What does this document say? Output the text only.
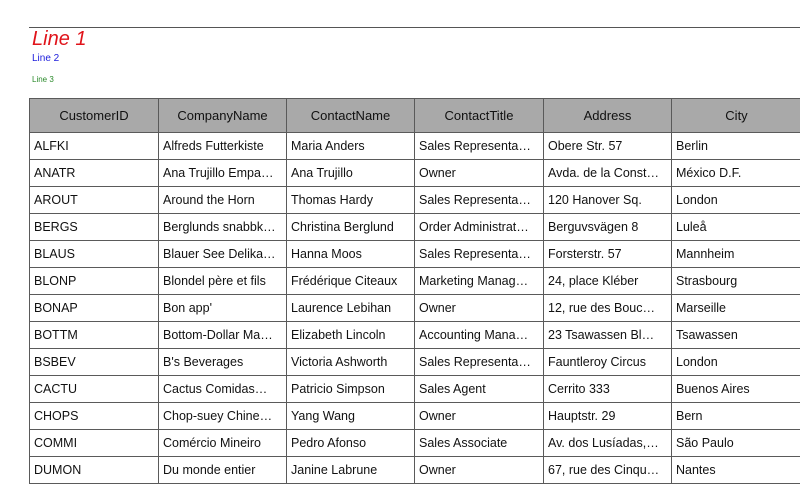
Line 1
Line 2
Line 3
CustomerID	CompanyName	ContactName	ContactTitle	Address	City
ALFKI	Alfreds Futterkiste	Maria Anders	Sales Representa…	Obere Str. 57	Berlin
ANATR	Ana Trujillo Empa…	Ana Trujillo	Owner	Avda. de la Const…	México D.F.
AROUT	Around the Horn	Thomas Hardy	Sales Representa…	120 Hanover Sq.	London
BERGS	Berglunds snabbk…	Christina Berglund	Order Administrat…	Berguvsvägen 8	Luleå
BLAUS	Blauer See Delika…	Hanna Moos	Sales Representa…	Forsterstr. 57	Mannheim
BLONP	Blondel père et fils	Frédérique Citeaux	Marketing Manag…	24, place Kléber	Strasbourg
BONAP	Bon app'	Laurence Lebihan	Owner	12, rue des Bouc…	Marseille
BOTTM	Bottom-Dollar Ma…	Elizabeth Lincoln	Accounting Mana…	23 Tsawassen Bl…	Tsawassen
BSBEV	B's Beverages	Victoria Ashworth	Sales Representa…	Fauntleroy Circus	London
CACTU	Cactus Comidas…	Patricio Simpson	Sales Agent	Cerrito 333	Buenos Aires
CHOPS	Chop-suey Chine…	Yang Wang	Owner	Hauptstr. 29	Bern
COMMI	Comércio Mineiro	Pedro Afonso	Sales Associate	Av. dos Lusíadas,…	São Paulo
DUMON	Du monde entier	Janine Labrune	Owner	67, rue des Cinqu…	Nantes
